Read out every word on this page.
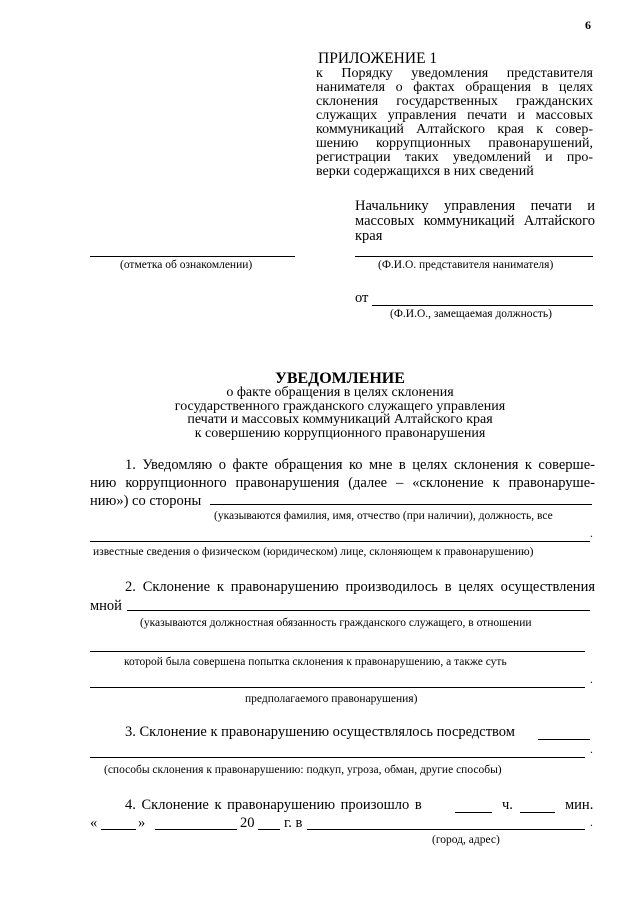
6
ПРИЛОЖЕНИЕ 1
к Порядку уведомления представителя
нанимателя о фактах обращения в целях
склонения государственных гражданских
служащих управления печати и массовых
коммуникаций Алтайского края к совер-
шению коррупционных правонарушений,
регистрации таких уведомлений и про-
верки содержащихся в них сведений
Начальнику управления печати и
массовых коммуникаций Алтайского
края
(отметка об ознакомлении)	(Ф.И.О. представителя нанимателя)
от
(Ф.И.О., замещаемая должность)
УВЕДОМЛЕНИЕ
о факте обращения в целях склонения
государственного гражданского служащего управления
печати и массовых коммуникаций Алтайского края
к совершению коррупционного правонарушения
1. Уведомляю о факте обращения ко мне в целях склонения к соверше-
нию коррупционного правонарушения (далее – «склонение к правонаруше-
нию») со стороны
(указываются фамилия, имя, отчество (при наличии), должность, все
.
известные сведения о физическом (юридическом) лице, склоняющем к правонарушению)
2. Склонение к правонарушению производилось в целях осуществления
мной
(указываются должностная обязанность гражданского служащего, в отношении
которой была совершена попытка склонения к правонарушению, а также суть
.
предполагаемого правонарушения)
3. Склонение к правонарушению осуществлялось посредством
.
(способы склонения к правонарушению: подкуп, угроза, обман, другие способы)
4. Склонение к правонарушению произошло в	ч.	мин.
«	»	20 г. в	.
(город, адрес)
